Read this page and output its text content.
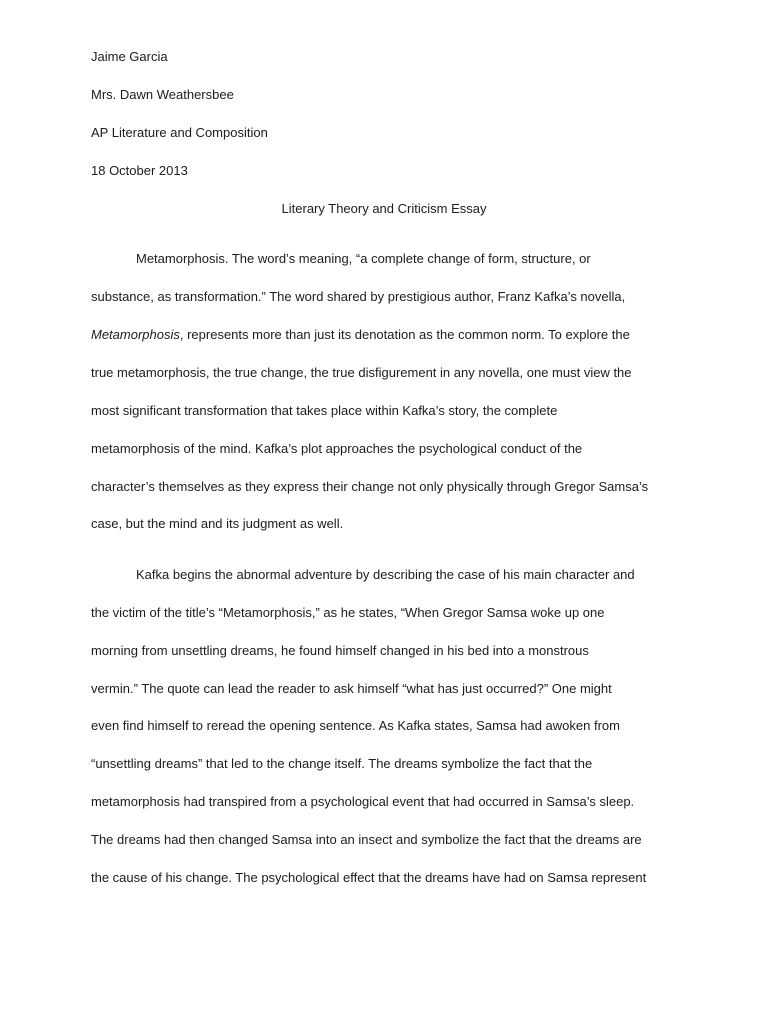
Jaime Garcia
Mrs. Dawn Weathersbee
AP Literature and Composition
18 October 2013
Literary Theory and Criticism Essay
Metamorphosis. The word’s meaning, “a complete change of form, structure, or
substance, as transformation.” The word shared by prestigious author, Franz Kafka’s novella,
Metamorphosis, represents more than just its denotation as the common norm. To explore the
true metamorphosis, the true change, the true disfigurement in any novella, one must view the
most significant transformation that takes place within Kafka’s story, the complete
metamorphosis of the mind. Kafka’s plot approaches the psychological conduct of the
character’s themselves as they express their change not only physically through Gregor Samsa’s
case, but the mind and its judgment as well.
Kafka begins the abnormal adventure by describing the case of his main character and
the victim of the title’s “Metamorphosis,” as he states, “When Gregor Samsa woke up one
morning from unsettling dreams, he found himself changed in his bed into a monstrous
vermin.” The quote can lead the reader to ask himself “what has just occurred?” One might
even find himself to reread the opening sentence. As Kafka states, Samsa had awoken from
“unsettling dreams” that led to the change itself. The dreams symbolize the fact that the
metamorphosis had transpired from a psychological event that had occurred in Samsa’s sleep.
The dreams had then changed Samsa into an insect and symbolize the fact that the dreams are
the cause of his change. The psychological effect that the dreams have had on Samsa represent
